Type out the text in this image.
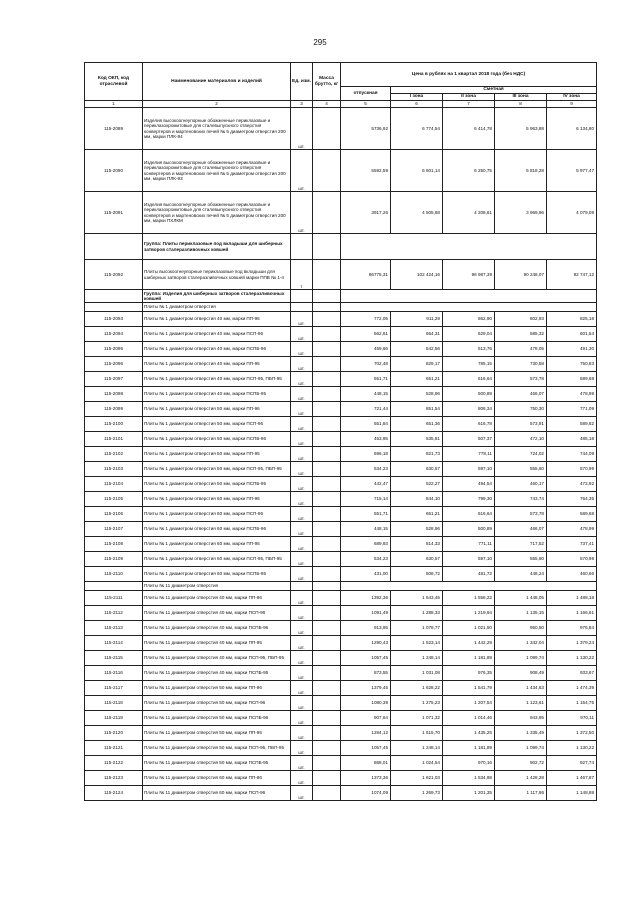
295
Код ОКП, код отраслевой	Наименование материалов и изделий	Ед. изм.	Масса брутто, кг	Цена в рублях на 1 квартал 2018 года (без НДС)				
				отпускная	Сметная			
					I зона	II зона	III зона	IV зона
1	2	3	4	5	6	7	8	9
115-2089	Изделия высокоогнеупорные обожженные периклазовые и периклазохромитовые для сталевыпускного отверстия конвертеров и мартеновских печей № 5 диаметром отверстия 200 мм, марки ПЛК-94	шт.		5736,92	6 774,54	6 414,78	5 963,88	6 134,80
115-2090	Изделия высокоогнеупорные обожженные периклазовые и периклазохромитовые для сталевыпускного отверстия конвертеров и мартеновских печей № 5 диаметром отверстия 200 мм, марки ПЛК-93	шт.		5592,59	6 601,14	6 250,75	5 818,28	5 977,47
115-2091	Изделия высокоогнеупорные обожженные периклазовые и периклазохромитовые для сталевыпускного отверстия конвертеров и мартеновских печей № 5 диаметром отверстия 200 мм, марки ПХЛКМ	шт.		3917,26	4 505,68	4 208,61	3 969,96	4 079,08
	Группа: Плиты периклазовые под вкладыши для шиберных затворов сталеразливочных ковшей							
115-2092	Плиты высокоогнеупорные периклазовые под вкладыши для шиберных затворов сталеразливочных ковшей марки ППВ № 1-4	т		86775,31	102 424,16	96 987,39	90 248,07	92 747,12
	Группа: Изделия для шиберных затворов сталеразливочных ковшей							
	Плиты № 1 диаметром отверстия							
115-2093	Плиты № 1 диаметром отверстия 40 мм, марки ПП-96	шт.		772,05	911,29	862,90	802,93	825,18
115-2094	Плиты № 1 диаметром отверстия 40 мм, марки ПСП-96	шт.		562,61	664,31	629,04	585,32	601,54
115-2095	Плиты № 1 диаметром отверстия 40 мм, марки ПСПБ-96	шт.		459,66	542,56	513,76	478,05	491,30
115-2096	Плиты № 1 диаметром отверстия 40 мм, марки ПП-95	шт.		702,48	829,17	785,15	730,58	750,83
115-2097	Плиты № 1 диаметром отверстия 40 мм, марки ПСП-95, ПБП-95	шт.		551,71	651,21	616,64	573,78	589,68
115-2098	Плиты № 1 диаметром отверстия 40 мм, марки ПСПБ-95	шт.		448,15	528,96	500,89	466,07	478,99
115-2099	Плиты № 1 диаметром отверстия 50 мм, марки ПП-96	шт.		721,44	851,54	806,34	750,30	771,09
115-2100	Плиты № 1 диаметром отверстия 50 мм, марки ПСП-96	шт.		551,84	651,36	616,78	573,91	589,82
115-2101	Плиты № 1 диаметром отверстия 50 мм, марки ПСПБ-96	шт.		453,95	535,81	507,37	472,10	485,18
115-2102	Плиты № 1 диаметром отверстия 50 мм, марки ПП-95	шт.		696,18	821,73	778,11	724,02	744,09
115-2103	Плиты № 1 диаметром отверстия 50 мм, марки ПСП-95, ПБП-95	шт.		534,23	630,57	597,10	555,60	570,99
115-2104	Плиты № 1 диаметром отверстия 50 мм, марки ПСПБ-95	шт.		442,47	522,27	494,54	460,17	472,92
115-2105	Плиты № 1 диаметром отверстия 60 мм, марки ПП-96	шт.		715,14	844,10	799,30	743,74	764,35
115-2106	Плиты № 1 диаметром отверстия 60 мм, марки ПСП-96	шт.		551,71	651,21	616,64	573,78	589,68
115-2107	Плиты № 1 диаметром отверстия 60 мм, марки ПСПБ-96	шт.		448,15	528,96	500,89	466,07	478,99
115-2108	Плиты № 1 диаметром отверстия 60 мм, марки ПП-95	шт.		689,93	814,33	771,11	717,52	737,41
115-2109	Плиты № 1 диаметром отверстия 60 мм, марки ПСП-95, ПБП-95	шт.		534,23	630,57	597,10	555,60	570,99
115-2110	Плиты № 1 диаметром отверстия 60 мм, марки ПСПБ-95	шт.		431,00	508,72	481,72	448,24	460,66
	Плиты № 11 диаметром отверстия							
115-2111	Плиты № 11 диаметром отверстия 40 мм, марки ПП-96	шт.		1392,36	1 643,45	1 556,22	1 448,05	1 488,18
115-2112	Плиты № 11 диаметром отверстия 40 мм, марки ПСП-96	шт.		1091,49	1 288,33	1 219,94	1 135,15	1 166,61
115-2113	Плиты № 11 диаметром отверстия 40 мм, марки ПСПБ-96	шт.		913,95	1 078,77	1 021,50	950,50	976,84
115-2114	Плиты № 11 диаметром отверстия 40 мм, марки ПП-95	шт.		1290,43	1 523,14	1 442,29	1 342,04	1 379,24
115-2115	Плиты № 11 диаметром отверстия 40 мм, марки ПСП-95, ПБП-95	шт.		1057,45	1 248,14	1 181,89	1 099,74	1 130,22
115-2116	Плиты № 11 диаметром отверстия 40 мм, марки ПСПБ-95	шт.		873,55	1 031,08	976,35	908,49	933,67
115-2117	Плиты № 11 диаметром отверстия 50 мм, марки ПП-96	шт.		1379,45	1 628,22	1 541,79	1 434,63	1 474,39
115-2118	Плиты № 11 диаметром отверстия 50 мм, марки ПСП-96	шт.		1080,39	1 275,23	1 207,54	1 123,61	1 154,75
115-2119	Плиты № 11 диаметром отверстия 50 мм, марки ПСПБ-96	шт.		907,64	1 071,32	1 014,46	943,95	970,11
115-2120	Плиты № 11 диаметром отверстия 50 мм, марки ПП-95	шт.		1284,12	1 515,70	1 435,25	1 335,49	1 372,50
115-2121	Плиты № 11 диаметром отверстия 50 мм, марки ПСП-95, ПБП-95	шт.		1057,45	1 248,14	1 181,89	1 099,74	1 130,22
115-2122	Плиты № 11 диаметром отверстия 50 мм, марки ПСПБ-95	шт.		868,01	1 024,54	970,16	902,72	927,74
115-2123	Плиты № 11 диаметром отверстия 60 мм, марки ПП-96	шт.		1373,36	1 621,03	1 534,98	1 428,28	1 467,87
115-2124	Плиты № 11 диаметром отверстия 60 мм, марки ПСП-96	шт.		1074,09	1 269,73	1 201,35	1 117,86	1 148,88
